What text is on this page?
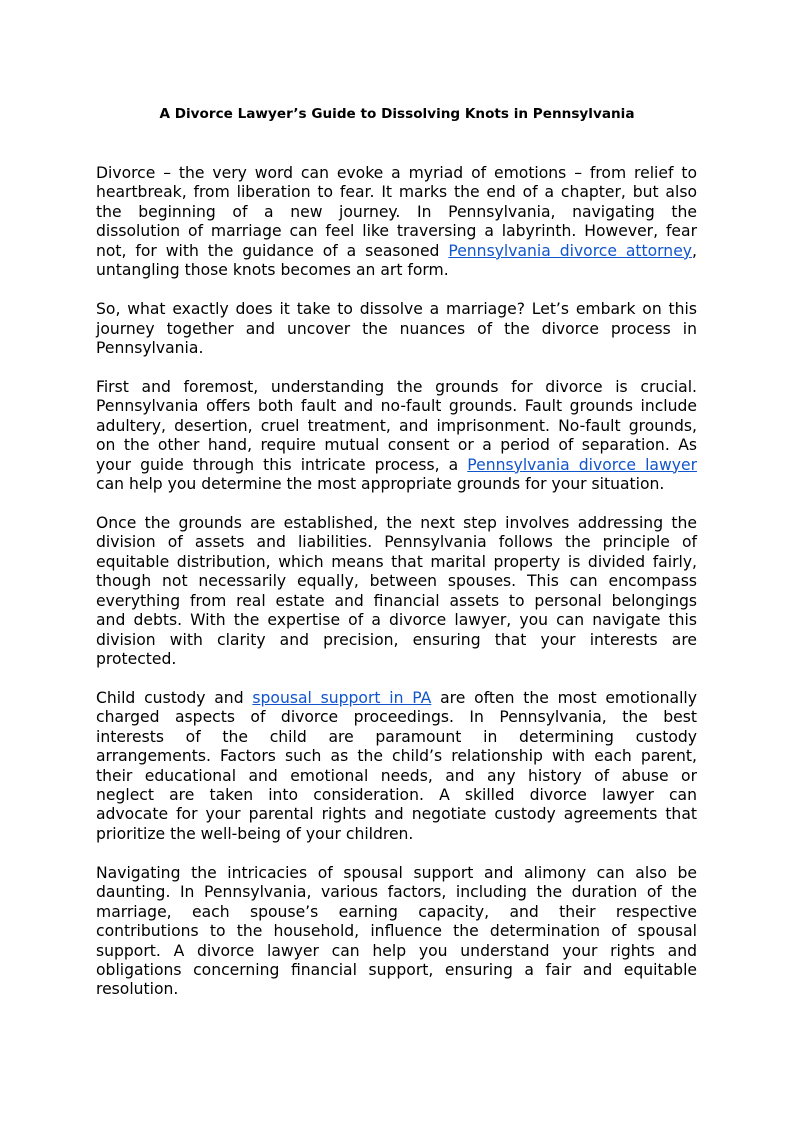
A Divorce Lawyer’s Guide to Dissolving Knots in Pennsylvania

Divorce – the very word can evoke a myriad of emotions – from relief to
heartbreak, from liberation to fear. It marks the end of a chapter, but also
the beginning of a new journey. In Pennsylvania, navigating the
dissolution of marriage can feel like traversing a labyrinth. However, fear
not, for with the guidance of a seasoned Pennsylvania divorce attorney,
untangling those knots becomes an art form.

So, what exactly does it take to dissolve a marriage? Let’s embark on this
journey together and uncover the nuances of the divorce process in
Pennsylvania.

First and foremost, understanding the grounds for divorce is crucial.
Pennsylvania offers both fault and no-fault grounds. Fault grounds include
adultery, desertion, cruel treatment, and imprisonment. No-fault grounds,
on the other hand, require mutual consent or a period of separation. As
your guide through this intricate process, a Pennsylvania divorce lawyer
can help you determine the most appropriate grounds for your situation.

Once the grounds are established, the next step involves addressing the
division of assets and liabilities. Pennsylvania follows the principle of
equitable distribution, which means that marital property is divided fairly,
though not necessarily equally, between spouses. This can encompass
everything from real estate and financial assets to personal belongings
and debts. With the expertise of a divorce lawyer, you can navigate this
division with clarity and precision, ensuring that your interests are
protected.

Child custody and spousal support in PA are often the most emotionally
charged aspects of divorce proceedings. In Pennsylvania, the best
interests of the child are paramount in determining custody
arrangements. Factors such as the child’s relationship with each parent,
their educational and emotional needs, and any history of abuse or
neglect are taken into consideration. A skilled divorce lawyer can
advocate for your parental rights and negotiate custody agreements that
prioritize the well-being of your children.

Navigating the intricacies of spousal support and alimony can also be
daunting. In Pennsylvania, various factors, including the duration of the
marriage, each spouse’s earning capacity, and their respective
contributions to the household, influence the determination of spousal
support. A divorce lawyer can help you understand your rights and
obligations concerning financial support, ensuring a fair and equitable
resolution.
